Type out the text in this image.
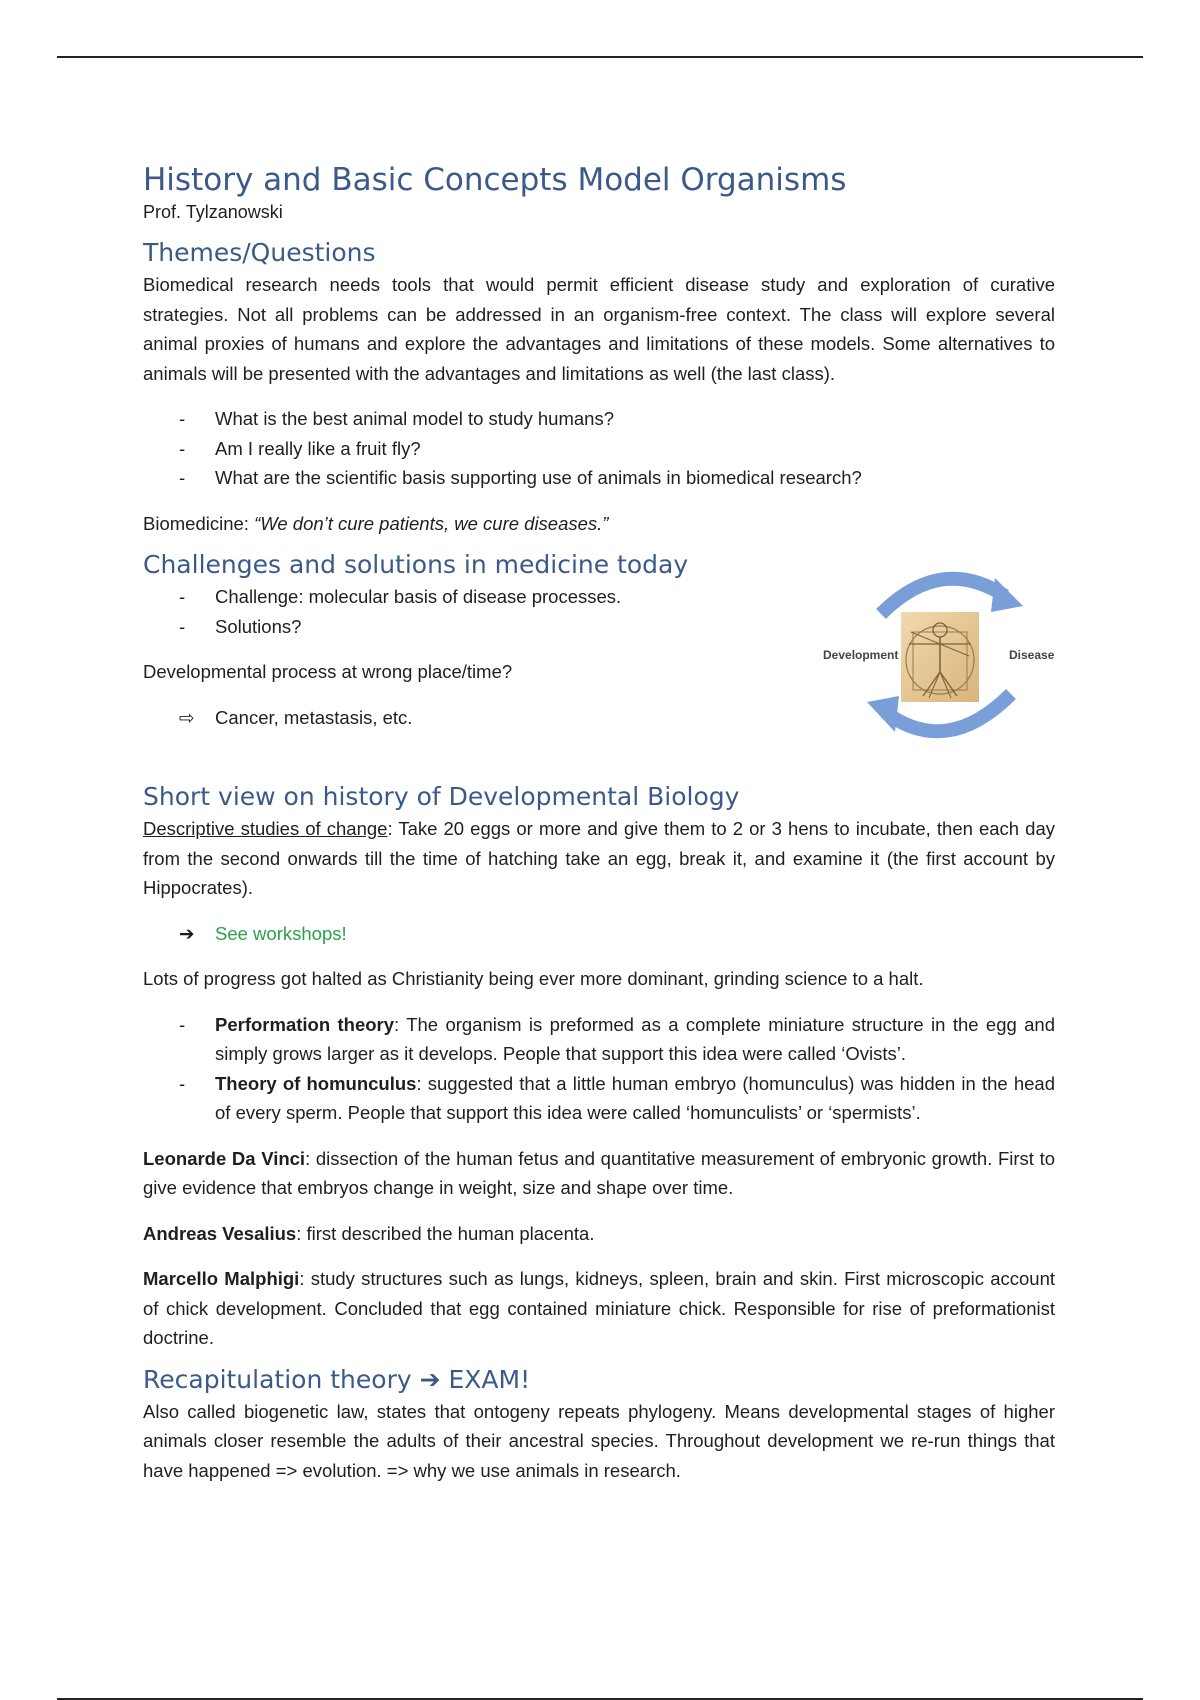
History and Basic Concepts Model Organisms
Prof. Tylzanowski
Themes/Questions

Biomedical research needs tools that would permit efficient disease study and exploration of curative strategies. Not all problems can be addressed in an organism-free context. The class will explore several animal proxies of humans and explore the advantages and limitations of these models. Some alternatives to animals will be presented with the advantages and limitations as well (the last class).

-	What is the best animal model to study humans?
-	Am I really like a fruit fly?
-	What are the scientific basis supporting use of animals in biomedical research?

Biomedicine: “We don’t cure patients, we cure diseases.”

Challenges and solutions in medicine today
-	Challenge: molecular basis of disease processes.
-	Solutions?

Developmental process at wrong place/time?

⇨ Cancer, metastasis, etc.
Development	Disease
Short view on history of Developmental Biology

Descriptive studies of change: Take 20 eggs or more and give them to 2 or 3 hens to incubate, then each day from the second onwards till the time of hatching take an egg, break it, and examine it (the first account by Hippocrates).

➔ See workshops!

Lots of progress got halted as Christianity being ever more dominant, grinding science to a halt.

-	Performation theory: The organism is preformed as a complete miniature structure in the egg and simply grows larger as it develops. People that support this idea were called ‘Ovists’.
-	Theory of homunculus: suggested that a little human embryo (homunculus) was hidden in the head of every sperm. People that support this idea were called ‘homunculists’ or ‘spermists’.

Leonarde Da Vinci: dissection of the human fetus and quantitative measurement of embryonic growth. First to give evidence that embryos change in weight, size and shape over time.

Andreas Vesalius: first described the human placenta.

Marcello Malphigi: study structures such as lungs, kidneys, spleen, brain and skin. First microscopic account of chick development. Concluded that egg contained miniature chick. Responsible for rise of preformationist doctrine.

Recapitulation theory ➔ EXAM!

Also called biogenetic law, states that ontogeny repeats phylogeny. Means developmental stages of higher animals closer resemble the adults of their ancestral species. Throughout development we re-run things that have happened => evolution. => why we use animals in research.
